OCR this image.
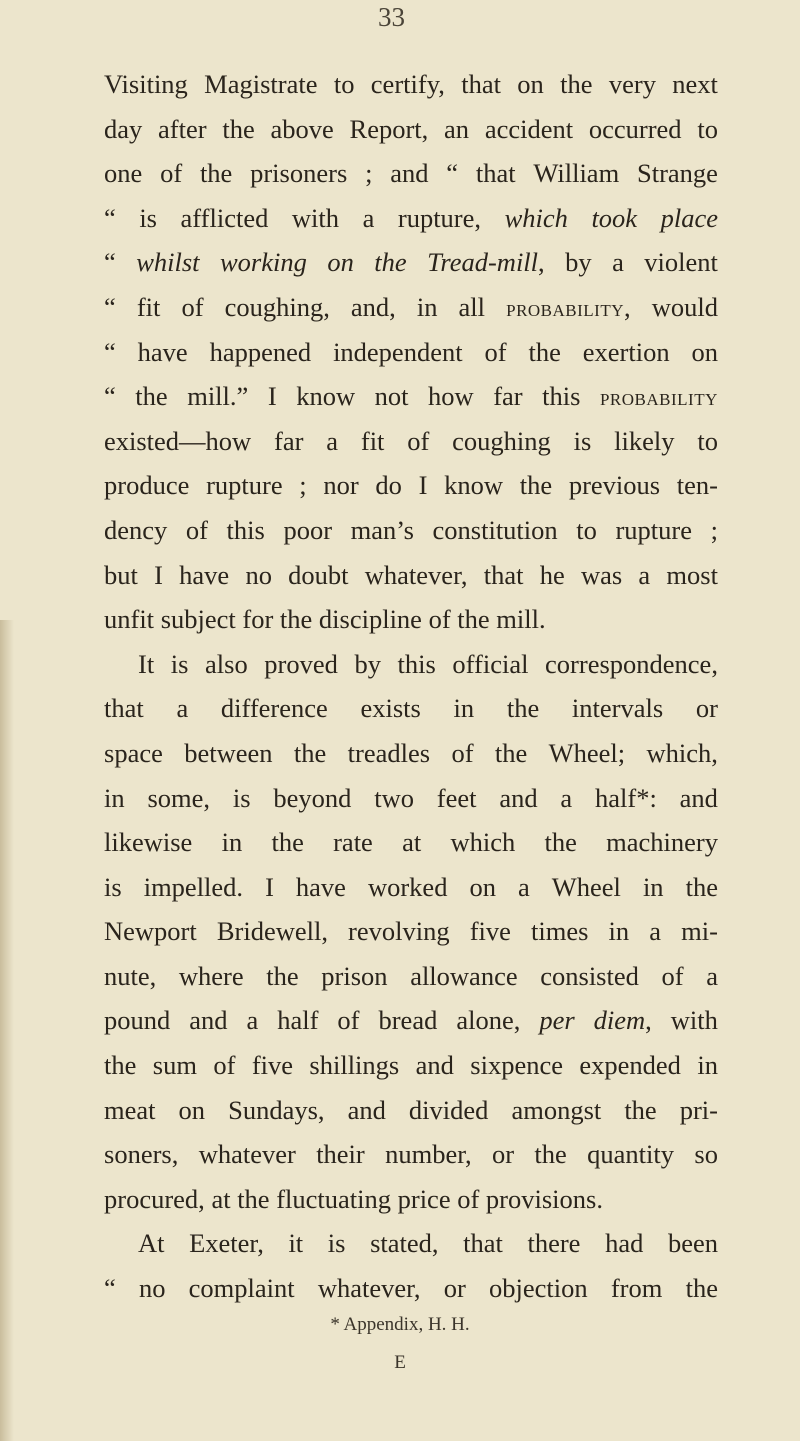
33
Visiting Magistrate to certify, that on the very next
day after the above Report, an accident occurred to
one of the prisoners ; and “ that William Strange
“ is afflicted with a rupture, which took place
“ whilst working on the Tread-mill, by a violent
“ fit of coughing, and, in all probability, would
“ have happened independent of the exertion on
“ the mill.” I know not how far this probability
existed—how far a fit of coughing is likely to
produce rupture ; nor do I know the previous ten-
dency of this poor man’s constitution to rupture ;
but I have no doubt whatever, that he was a most
unfit subject for the discipline of the mill.
It is also proved by this official correspondence,
that a difference exists in the intervals or
space between the treadles of the Wheel; which,
in some, is beyond two feet and a half*: and
likewise in the rate at which the machinery
is impelled. I have worked on a Wheel in the
Newport Bridewell, revolving five times in a mi-
nute, where the prison allowance consisted of a
pound and a half of bread alone, per diem, with
the sum of five shillings and sixpence expended in
meat on Sundays, and divided amongst the pri-
soners, whatever their number, or the quantity so
procured, at the fluctuating price of provisions.
At Exeter, it is stated, that there had been
“ no complaint whatever, or objection from the
* Appendix, H. H.
E
